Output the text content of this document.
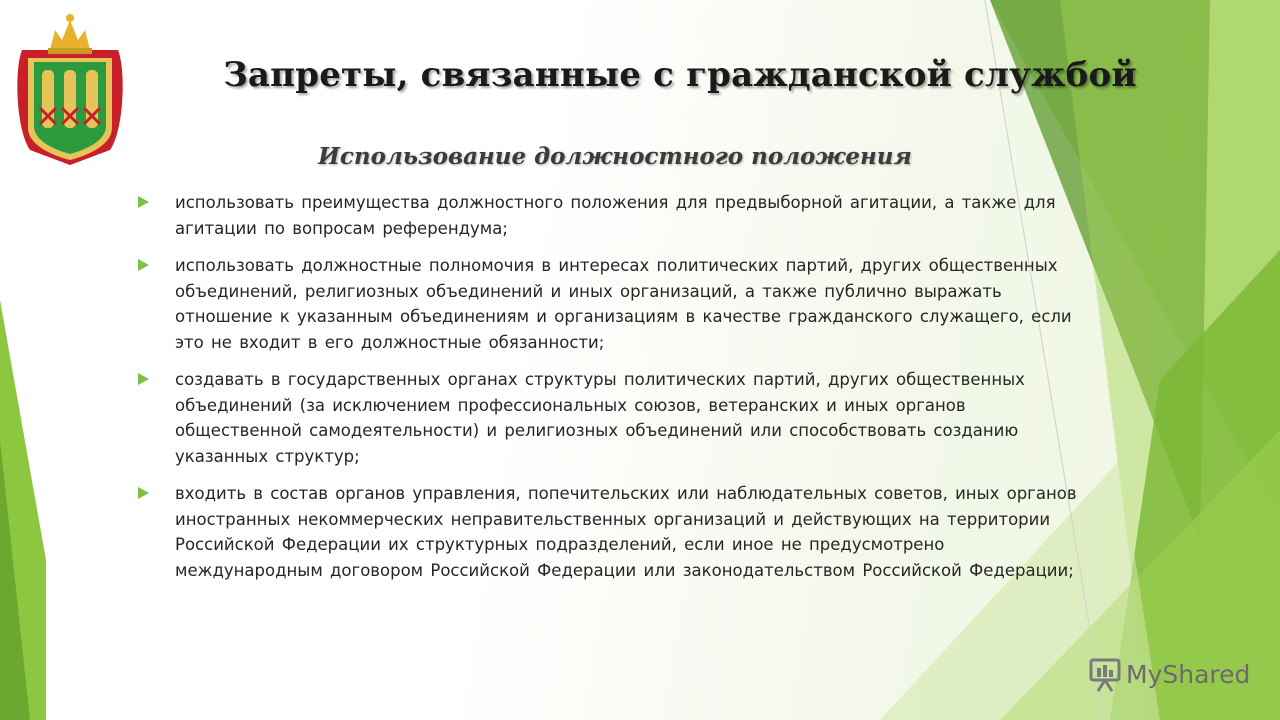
Запреты, связанные с гражданской службой
Использование должностного положения
использовать преимущества должностного положения для предвыборной агитации, а также для агитации по вопросам референдума;
использовать должностные полномочия в интересах политических партий, других общественных объединений, религиозных объединений и иных организаций, а также публично выражать отношение к указанным объединениям и организациям в качестве гражданского служащего, если это не входит в его должностные обязанности;
создавать в государственных органах структуры политических партий, других общественных объединений (за исключением профессиональных союзов, ветеранских и иных органов общественной самодеятельности) и религиозных объединений или способствовать созданию указанных структур;
входить в состав органов управления, попечительских или наблюдательных советов, иных органов иностранных некоммерческих неправительственных организаций и действующих на территории Российской Федерации их структурных подразделений, если иное не предусмотрено международным договором Российской Федерации или законодательством Российской Федерации;
MyShared
